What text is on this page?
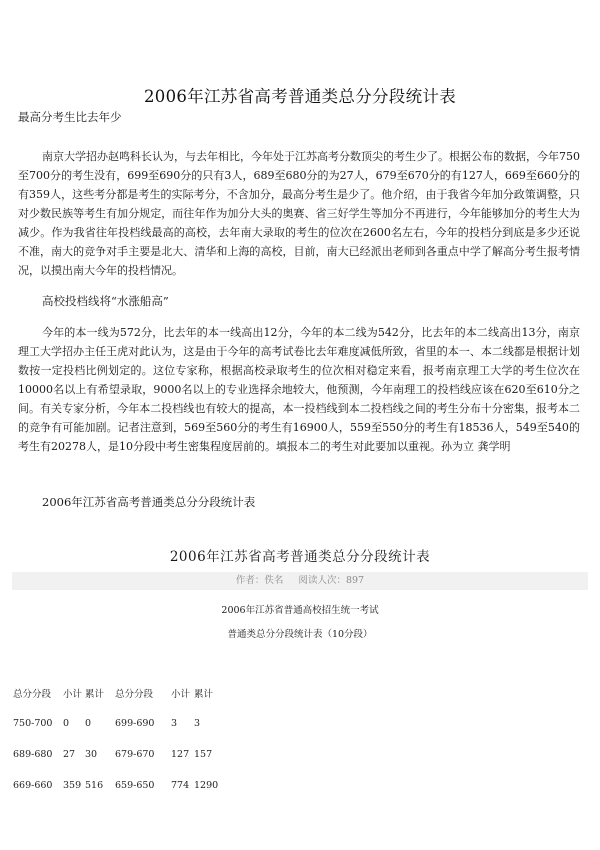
2006年江苏省高考普通类总分分段统计表
最高分考生比去年少

南京大学招办赵鸣科长认为，与去年相比，今年处于江苏高考分数顶尖的考生少了。根据公布的数据，今年750至700分的考生没有，699至690分的只有3人，689至680分的为27人，679至670分的有127人，669至660分的有359人，这些考分都是考生的实际考分，不含加分，最高分考生是少了。他介绍，由于我省今年加分政策调整，只对少数民族等考生有加分规定，而往年作为加分大头的奥赛、省三好学生等加分不再进行，今年能够加分的考生大为减少。作为我省往年投档线最高的高校，去年南大录取的考生的位次在2600名左右，今年的投档分到底是多少还说不准，南大的竞争对手主要是北大、清华和上海的高校，目前，南大已经派出老师到各重点中学了解高分考生报考情况，以摸出南大今年的投档情况。

高校投档线将“水涨船高”

今年的本一线为572分，比去年的本一线高出12分，今年的本二线为542分，比去年的本二线高出13分，南京理工大学招办主任王虎对此认为，这是由于今年的高考试卷比去年难度减低所致，省里的本一、本二线都是根据计划数按一定投档比例划定的。这位专家称，根据高校录取考生的位次相对稳定来看，报考南京理工大学的考生位次在10000名以上有希望录取，9000名以上的专业选择余地较大，他预测，今年南理工的投档线应该在620至610分之间。有关专家分析，今年本二投档线也有较大的提高，本一投档线到本二投档线之间的考生分布十分密集，报考本二的竞争有可能加剧。记者注意到，569至560分的考生有16900人，559至550分的考生有18536人，549至540的考生有20278人，是10分段中考生密集程度居前的。填报本二的考生对此要加以重视。孙为立 龚学明

2006年江苏省高考普通类总分分段统计表
2006年江苏省高考普通类总分分段统计表
作者：佚名 阅读人次：897
2006年江苏省普通高校招生统一考试
普通类总分分段统计表（10分段）
总分分段	小计	累计	总分分段	小计	累计
750-700	0	0	699-690	3	3
689-680	27	30	679-670	127	157
669-660	359	516	659-650	774	1290
